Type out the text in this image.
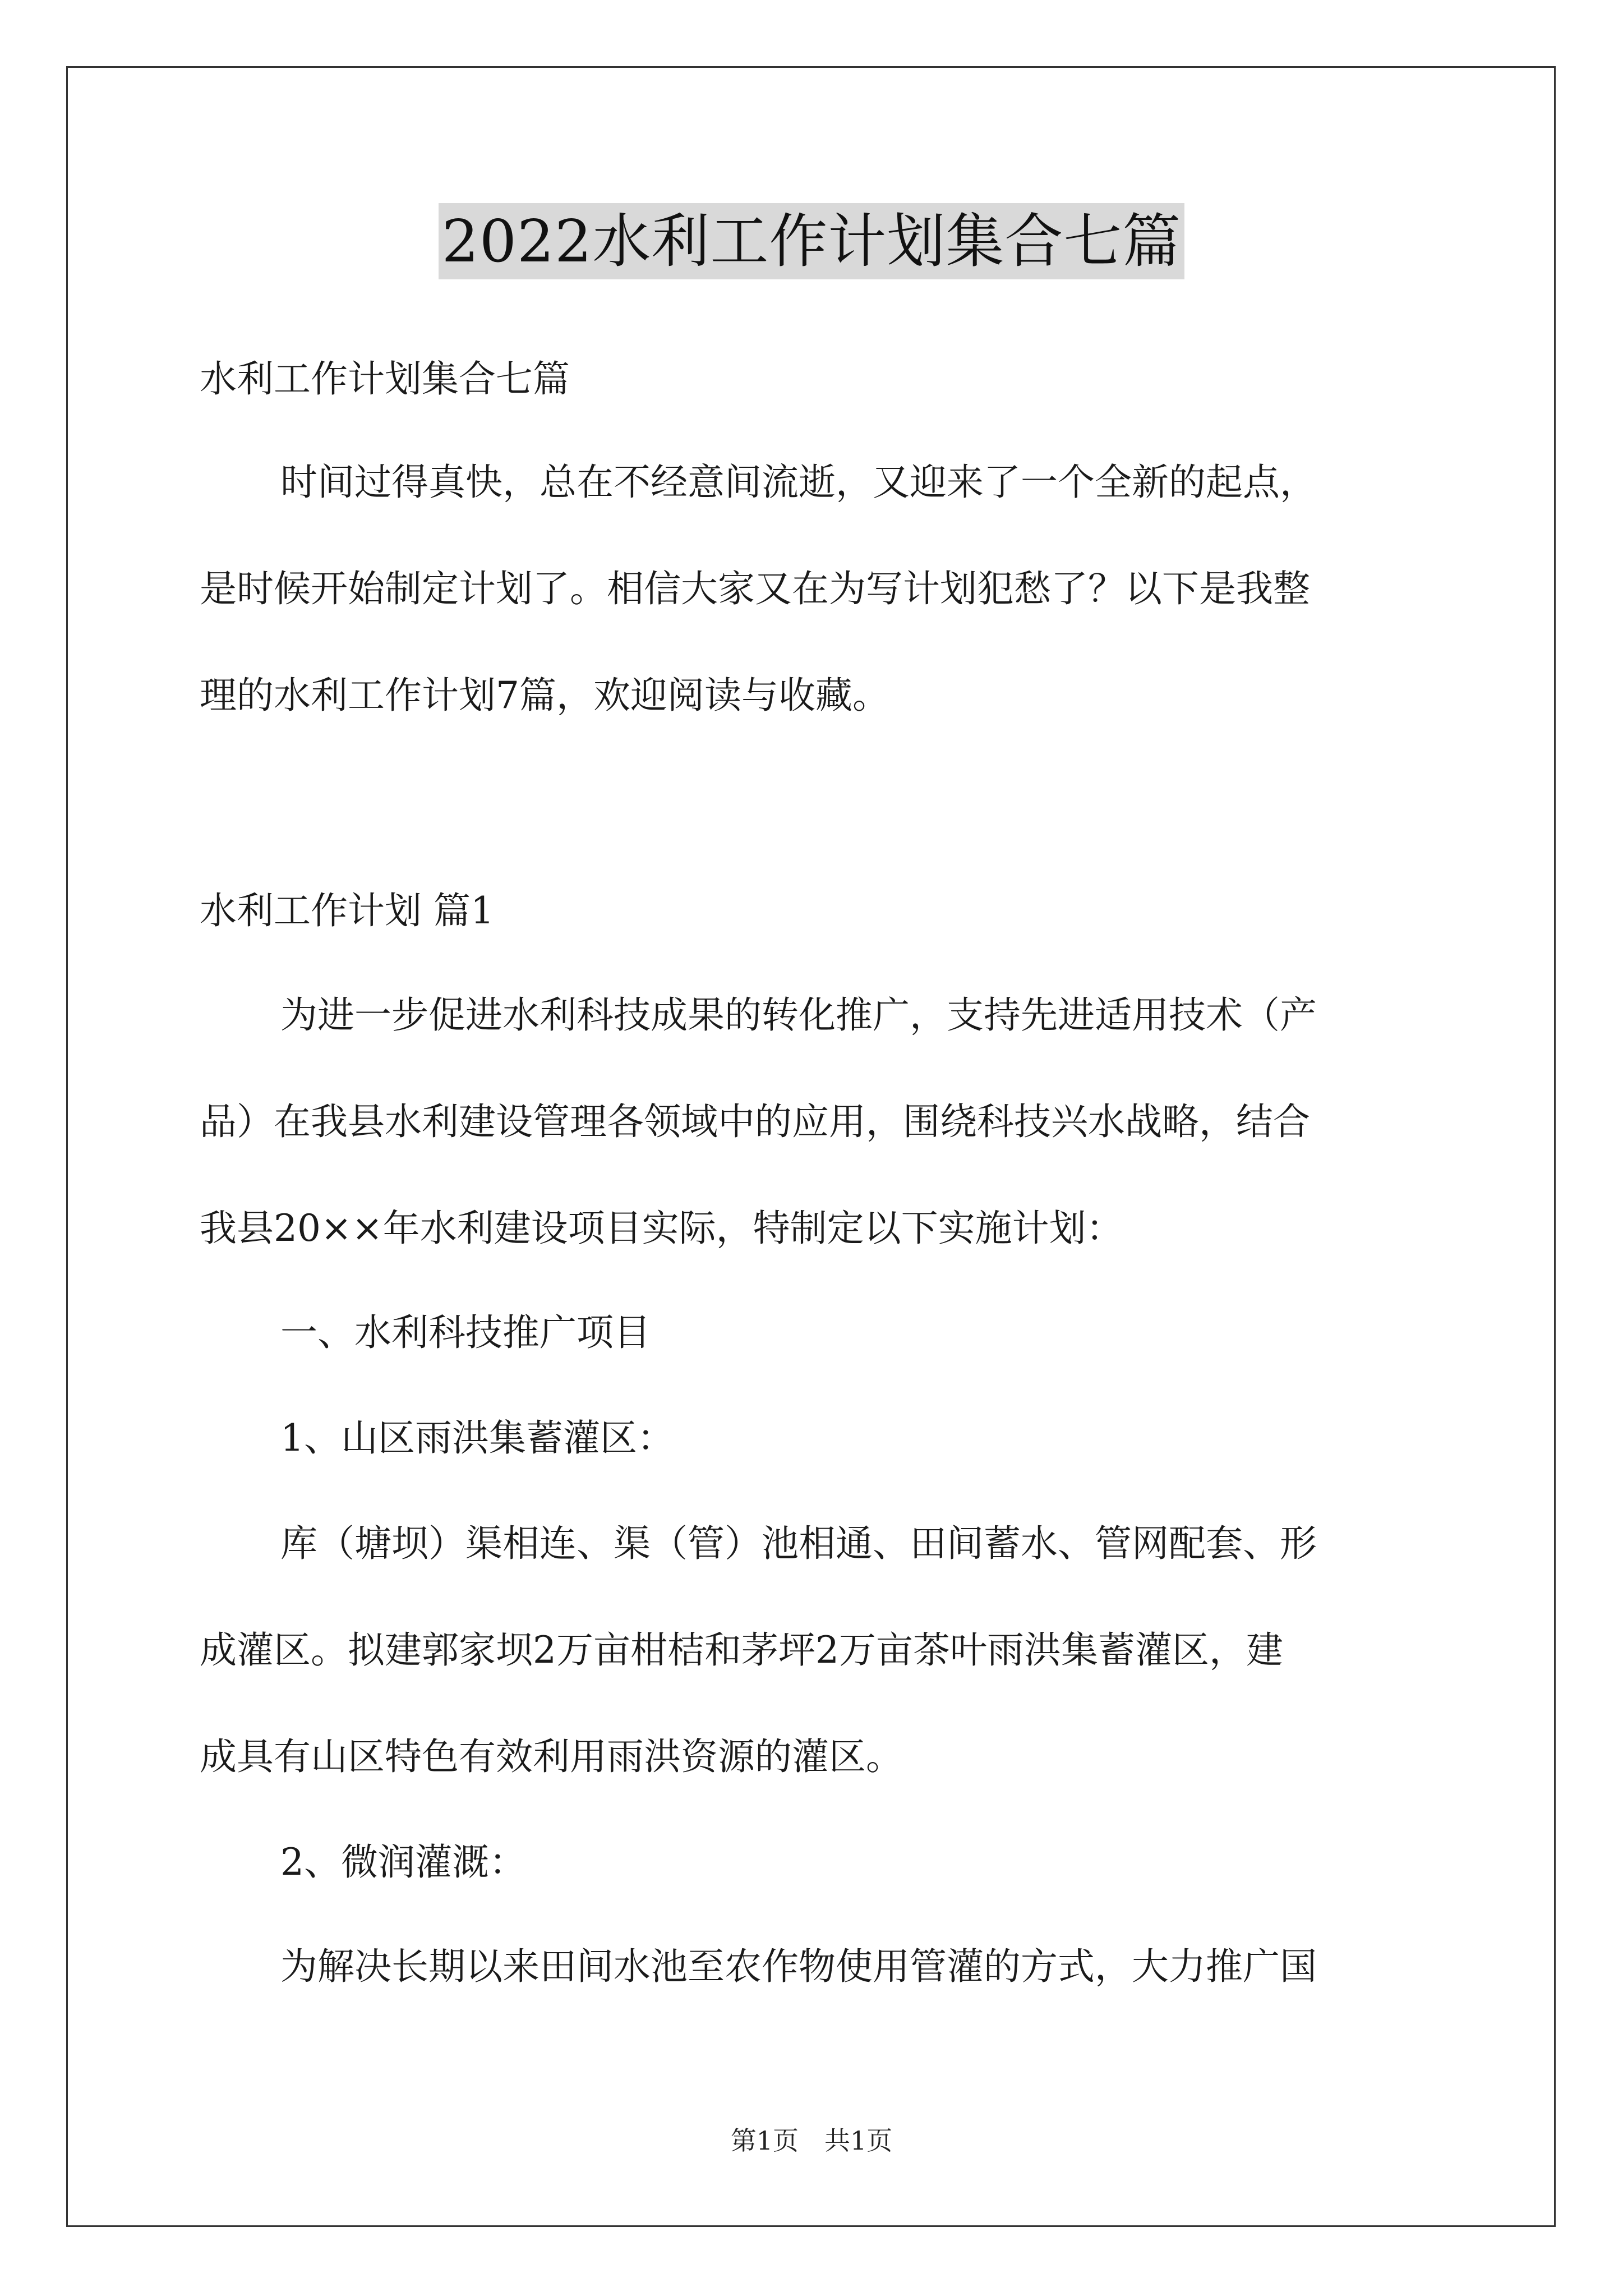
2022水利工作计划集合七篇

水利工作计划集合七篇

时间过得真快，总在不经意间流逝，又迎来了一个全新的起点，

是时候开始制定计划了。相信大家又在为写计划犯愁了？以下是我整

理的水利工作计划7篇，欢迎阅读与收藏。

水利工作计划 篇1

为进一步促进水利科技成果的转化推广，支持先进适用技术（产

品）在我县水利建设管理各领域中的应用，围绕科技兴水战略，结合

我县20××年水利建设项目实际，特制定以下实施计划：

一、水利科技推广项目

1、山区雨洪集蓄灌区：

库（塘坝）渠相连、渠（管）池相通、田间蓄水、管网配套、形

成灌区。拟建郭家坝2万亩柑桔和茅坪2万亩茶叶雨洪集蓄灌区，建

成具有山区特色有效利用雨洪资源的灌区。

2、微润灌溉：

为解决长期以来田间水池至农作物使用管灌的方式，大力推广国

第1页 共1页
